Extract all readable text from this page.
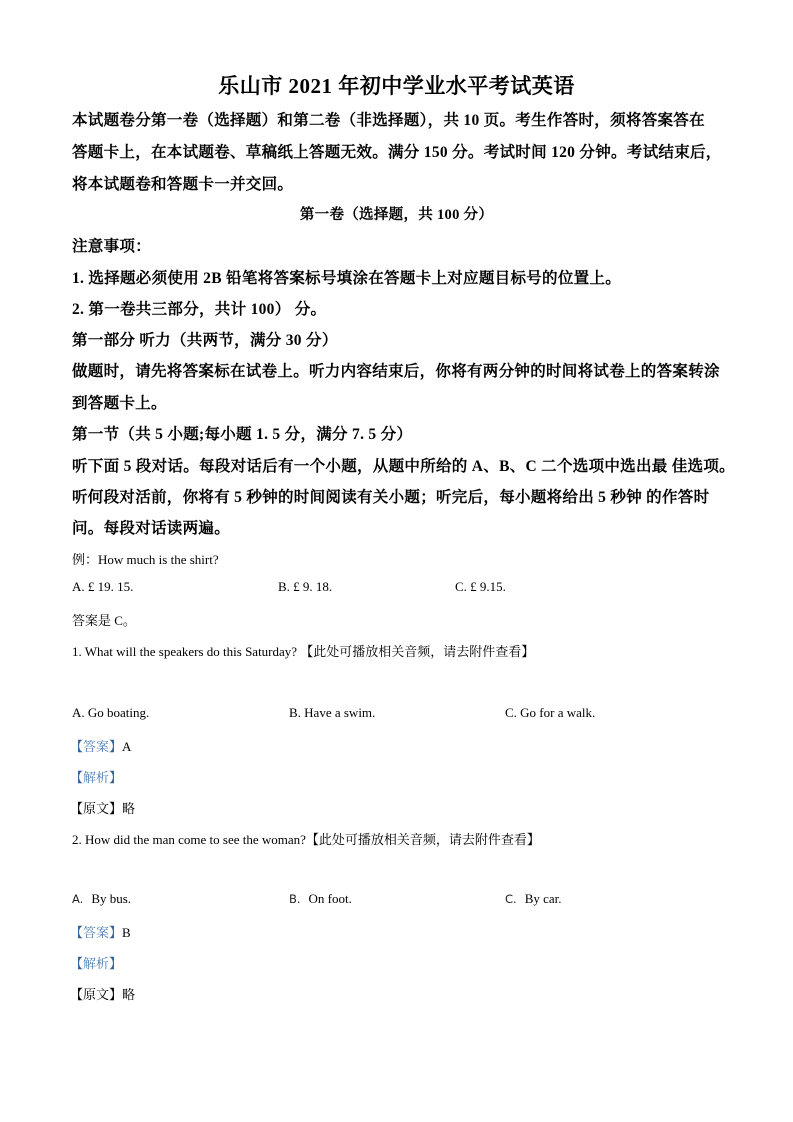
乐山市 2021 年初中学业水平考试英语
本试题卷分第一卷（选择题）和第二卷（非选择题），共 10 页。考生作答时，须将答案答在
答题卡上，在本试题卷、草稿纸上答题无效。满分 150 分。考试时间 120 分钟。考试结束后，
将本试题卷和答题卡一并交回。
第一卷（选择题，共 100 分）
注意事项：
1. 选择题必须使用 2B 铅笔将答案标号填涂在答题卡上对应题目标号的位置上。
2. 第一卷共三部分，共计 100） 分。
第一部分 听力（共两节，满分 30 分）
做题时，请先将答案标在试卷上。听力内容结束后，你将有两分钟的时间将试卷上的答案转涂
到答题卡上。
第一节（共 5 小题;每小题 1. 5 分，满分 7. 5 分）
听下面 5 段对话。每段对话后有一个小题，从题中所给的 A、B、C 二个选项中选出最 佳选项。
听何段对活前，你将有 5 秒钟的时间阅读有关小题；听完后，每小题将给出 5 秒钟 的作答时
问。每段对话读两遍。
例：How much is the shirt?
A. £ 19. 15.	B. £ 9. 18.	C. £ 9.15.
答案是 C。
1. What will the speakers do this Saturday? 【此处可播放相关音频，请去附件查看】
A. Go boating.	B. Have a swim.	C. Go for a walk.
【答案】A
【解析】
【原文】略
2. How did the man come to see the woman?【此处可播放相关音频，请去附件查看】
A. By bus.	B. On foot.	C. By car.
【答案】B
【解析】
【原文】略
